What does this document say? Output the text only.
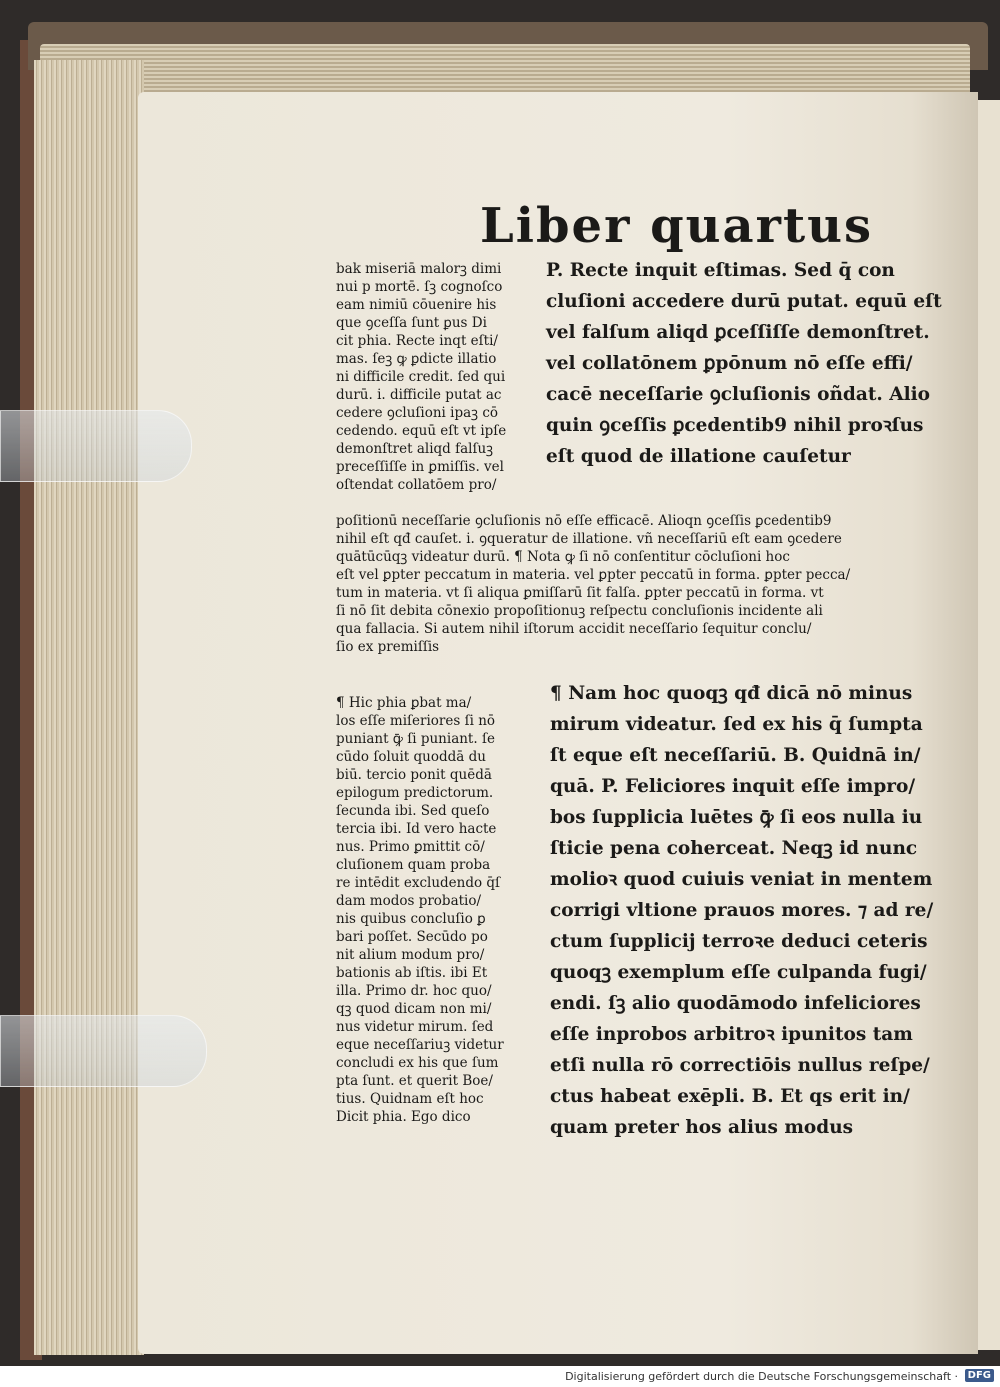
Liber quartus
bak miseriā malorꝫ dimi
nui p mortē. ſꝫ cognoſco
eam nimiū cōuenire his
que ꝯceſſa ſunt ꝑus Di
cit phia. Recte inqt eſti/
mas. ſeꝫ ꝙ ꝑdicte illatio
ni difficile credit. ſed qui
durū. i. difficile putat ac
cedere ꝯcluſioni ipaꝫ cō
cedendo. equū eſt vt ipſe
demonſtret aliqd falſuꝫ
preceſſiſſe in ꝑmiſſis. vel
oſtendat collatōem pro/
P. Recte inquit eſtimas. Sed q̄ con
cluſioni accedere durū putat. equū eſt
vel falſum aliqd ꝑceſſiſſe demonſtret.
vel collatōnem ꝑpōnum nō eſſe effi/
cacē neceſſarie ꝯcluſionis oñdat. Alio
quin ꝯceſſis ꝑcedentib9 nihil proꝛſus
eſt quod de illatione cauſetur
poſitionū neceſſarie ꝯcluſionis nō eſſe efficacē. Alioqn ꝯceſſis ꝑcedentib9
nihil eſt qđ cauſet. i. ꝯqueratur de illatione. vñ neceſſariū eſt eam ꝯcedere
quātūcūqꝫ videatur durū. ¶ Nota ꝙ ſi nō conſentitur cōcluſioni hoc
eſt vel ꝑpter peccatum in materia. vel ꝑpter peccatū in forma. ꝑpter pecca/
tum in materia. vt ſi aliqua ꝑmiſſarū ſit falſa. ꝑpter peccatū in forma. vt
ſi nō ſit debita cōnexio propoſitionuꝫ reſpectu concluſionis incidente ali
qua fallacia. Si autem nihil iſtorum accidit neceſſario ſequitur conclu/
ſio ex premiſſis
¶ Hic phia ꝑbat ma/
los eſſe miſeriores ſi nō
puniant ꝙ̄ ſi puniant. ſe
cūdo ſoluit quoddā du
biū. tercio ponit quēdā
epilogum predictorum.
ſecunda ibi. Sed queſo
tercia ibi. Id vero hacte
nus. Primo ꝑmittit cō/
cluſionem quam proba
re intēdit excludendo q̄ſ
dam modos probatio/
nis quibus concluſio ꝑ
bari poſſet. Secūdo po
nit alium modum pro/
bationis ab iſtis. ibi Et
illa. Primo dr. hoc quo/
qꝫ quod dicam non mi/
nus videtur mirum. ſed
eque neceſſariuꝫ videtur
concludi ex his que ſum
pta ſunt. et querit Boe/
tius. Quidnam eſt hoc
Dicit phia. Ego dico
¶ Nam hoc quoqꝫ qđ dicā nō minus
mirum videatur. ſed ex his q̄ ſumpta
ſt eque eſt neceſſariū. B. Quidnā in/
quā. P. Feliciores inquit eſſe impro/
bos ſupplicia luētes ꝙ̄ ſi eos nulla iu
ſticie pena coherceat. Neqꝫ id nunc
molioꝛ quod cuiuis veniat in mentem
corrigi vltione prauos mores. ⁊ ad re/
ctum ſupplicij terroꝛe deduci ceteris
quoqꝫ exemplum eſſe culpanda fugi/
endi. ſꝫ alio quodāmodo infeliciores
eſſe inprobos arbitroꝛ ipunitos tam
etſi nulla rō correctiōis nullus reſpe/
ctus habeat exēpli. B. Et qs erit in/
quam preter hos alius modus
Digitalisierung gefördert durch die Deutsche Forschungsgemeinschaft · DFG
